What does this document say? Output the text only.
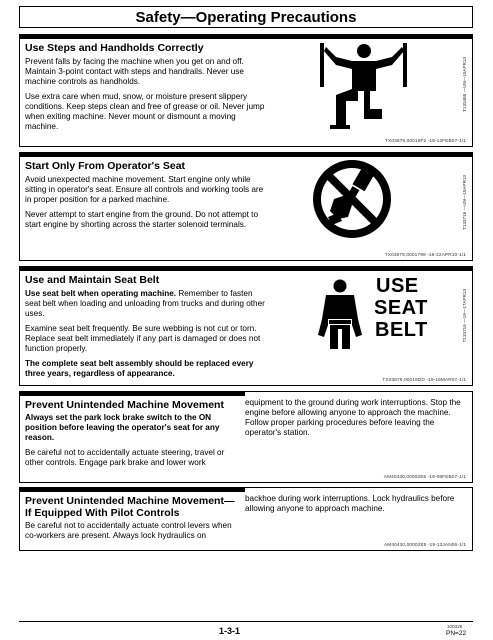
Safety—Operating Precautions
Use Steps and Handholds Correctly

Prevent falls by facing the machine when you get on and off. Maintain 3-point contact with steps and handrails. Never use machine controls as handholds.

Use extra care when mud, snow, or moisture present slippery conditions. Keep steps clean and free of grease or oil. Never jump when exiting machine. Never mount or dismount a moving machine.

T133468 —UN—15APR13
TX03679,00016F2 -19-12FEB07-1/1
Start Only From Operator's Seat

Avoid unexpected machine movement. Start engine only while sitting in operator's seat. Ensure all controls and working tools are in proper position for a parked machine.

Never attempt to start engine from the ground. Do not attempt to start engine by shorting across the starter solenoid terminals.	T133716 —UN—15APR13
TX03679,0001799 -19-22APR10-1/1
Use and Maintain Seat Belt

Use seat belt when operating machine. Remember to fasten seat belt when loading and unloading from trucks and during other uses.

Examine seat belt frequently. Be sure webbing is not cut or torn. Replace seat belt immediately if any part is damaged or does not function properly.

The complete seat belt assembly should be replaced every three years, regardless of appearance.

USE
SEAT
BELT	T133716 —19—17APR13
TX03679,00016DD -19-19MAR07-1/1
Prevent Unintended Machine Movement

Always set the park lock brake switch to the ON position before leaving the operator's seat for any reason.

Be careful not to accidentally actuate steering, travel or other controls. Engage park brake and lower work

equipment to the ground during work interruptions. Stop the engine before allowing anyone to approach the machine. Follow proper parking procedures before leaving the operator's station.

AM40430,00002E6 -19-08FEB07-1/1
Prevent Unintended Machine Movement—If Equipped With Pilot Controls

Be careful not to accidentally actuate control levers when co-workers are present. Always lock hydraulics on

backhoe during work interruptions. Lock hydraulics before allowing anyone to approach machine.

AM40430,00002E5 -19-13JAN06-1/1
1-3-1	100326
PN=22
